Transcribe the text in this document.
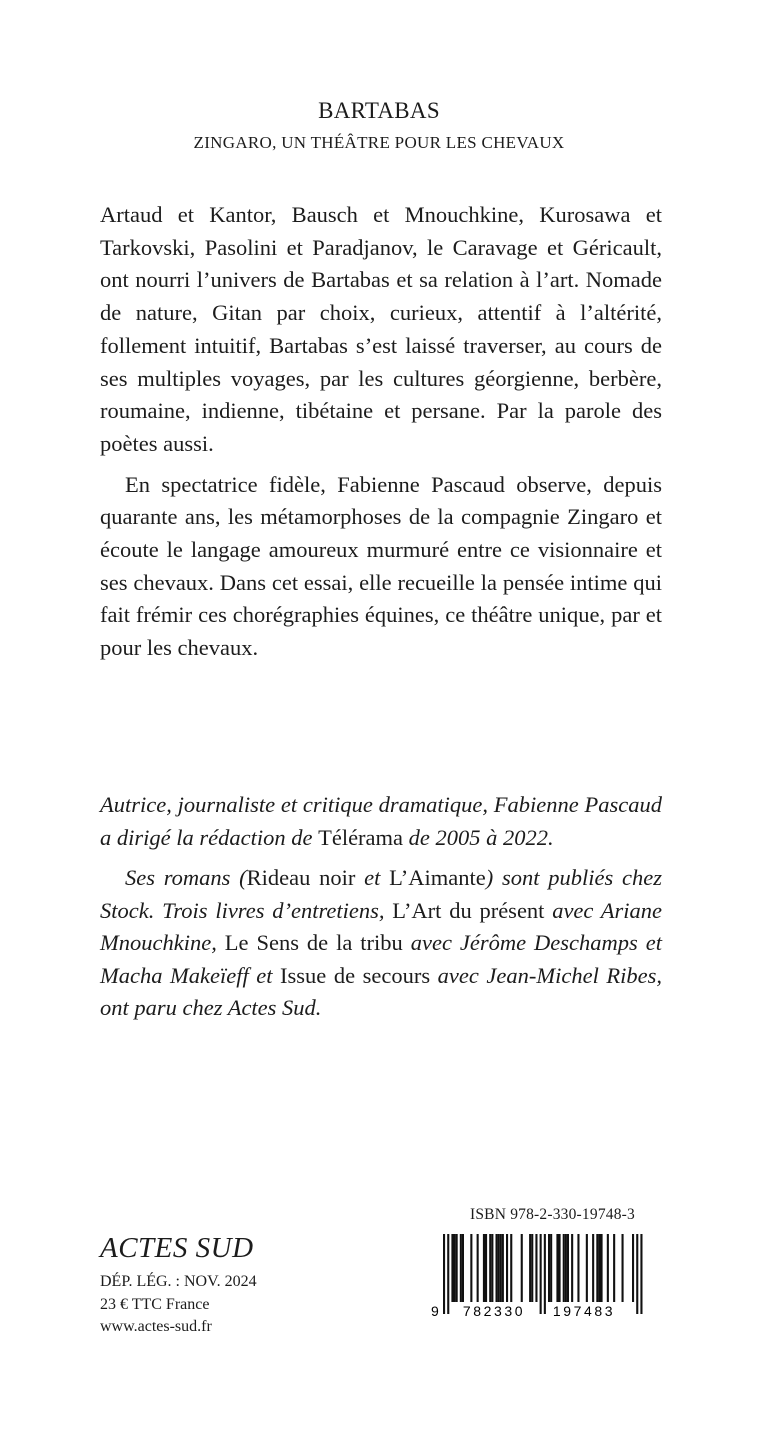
BARTABAS
ZINGARO, UN THÉÂTRE POUR LES CHEVAUX

Artaud et Kantor, Bausch et Mnouchkine, Kurosawa et Tarkovski, Pasolini et Paradjanov, le Caravage et Géricault, ont nourri l’univers de Bartabas et sa relation à l’art. Nomade de nature, Gitan par choix, curieux, attentif à l’altérité, follement intuitif, Bartabas s’est laissé traverser, au cours de ses multiples voyages, par les cultures géorgienne, berbère, roumaine, indienne, tibétaine et persane. Par la parole des poètes aussi.

En spectatrice fidèle, Fabienne Pascaud observe, depuis quarante ans, les métamorphoses de la compagnie Zingaro et écoute le langage amoureux murmuré entre ce visionnaire et ses chevaux. Dans cet essai, elle recueille la pensée intime qui fait frémir ces chorégraphies équines, ce théâtre unique, par et pour les chevaux.

Autrice, journaliste et critique dramatique, Fabienne Pascaud a dirigé la rédaction de Télérama de 2005 à 2022.

Ses romans (Rideau noir et L’Aimante) sont publiés chez Stock. Trois livres d’entretiens, L’Art du présent avec Ariane Mnouchkine, Le Sens de la tribu avec Jérôme Deschamps et Macha Makeïeff et Issue de secours avec Jean-Michel Ribes, ont paru chez Actes Sud.

ACTES SUD
DÉP. LÉG. : NOV. 2024
23 € TTC France
www.actes-sud.fr
ISBN 978-2-330-19748-3
9 782330 197483
